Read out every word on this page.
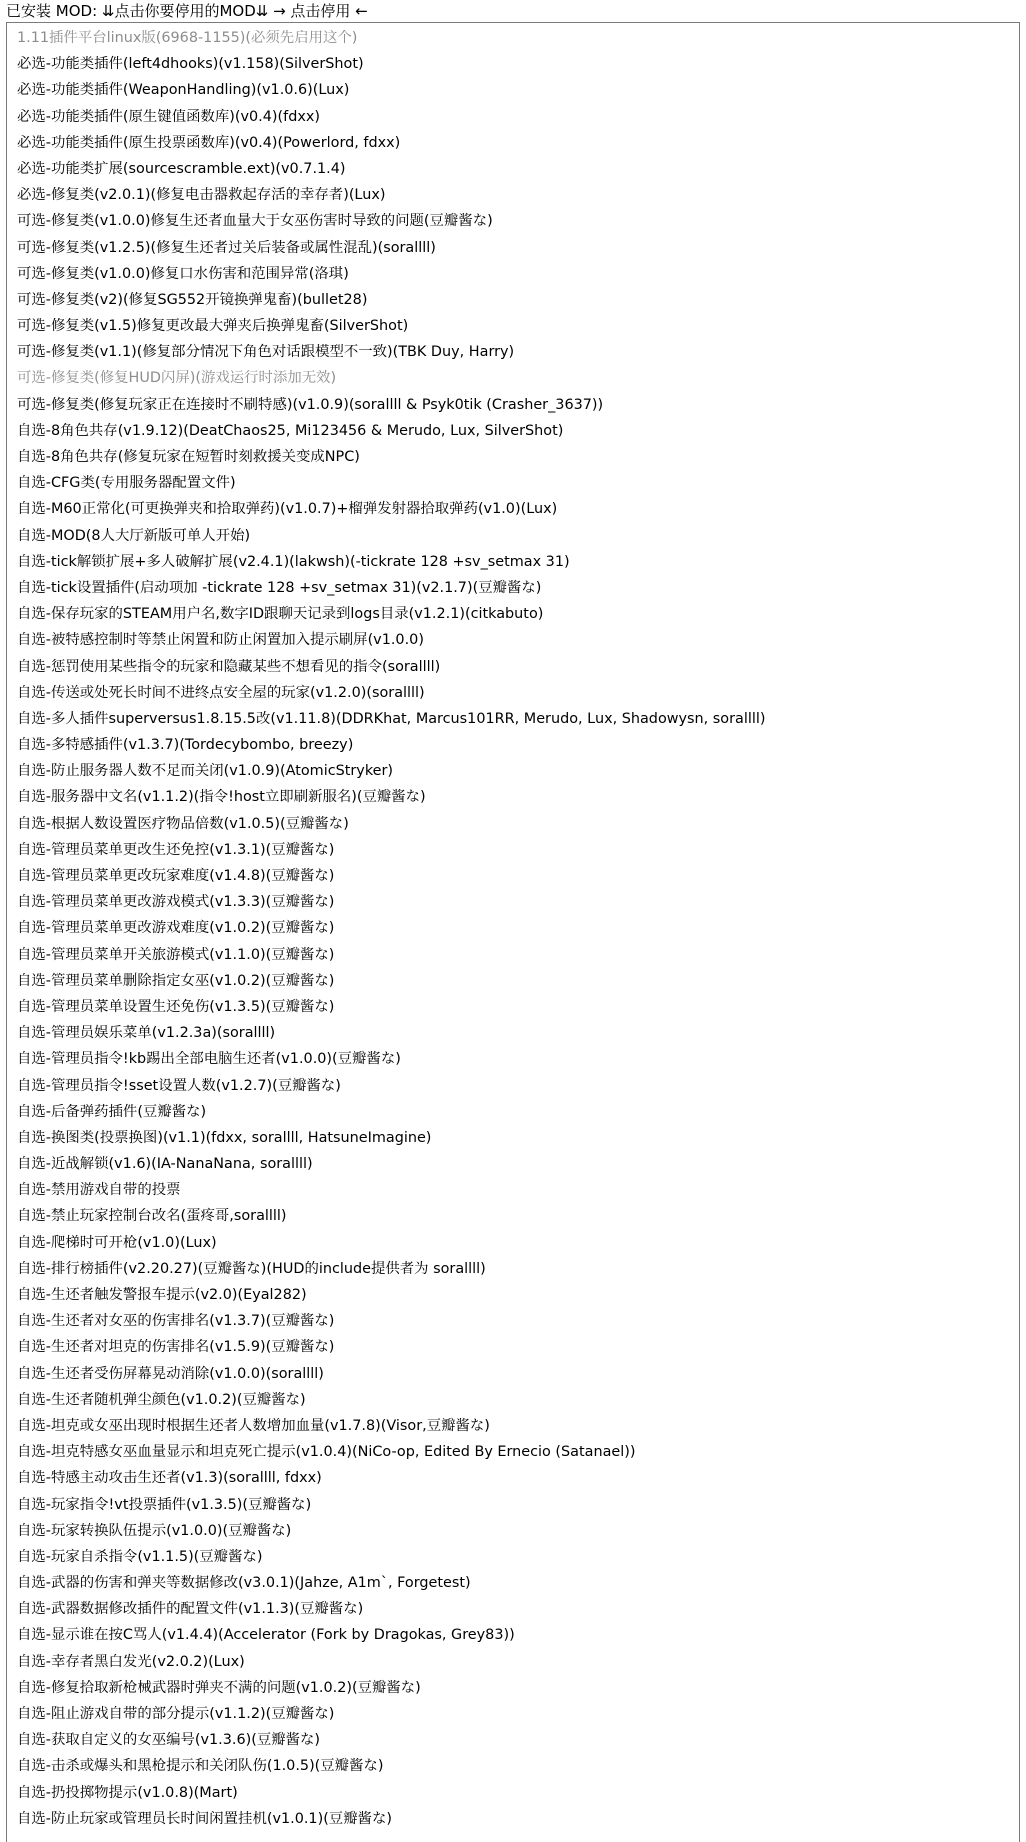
已安装 MOD: ⇊点击你要停用的MOD⇊ → 点击停用 ←
1.11插件平台linux版(6968-1155)(必须先启用这个)
必选-功能类插件(left4dhooks)(v1.158)(SilverShot)
必选-功能类插件(WeaponHandling)(v1.0.6)(Lux)
必选-功能类插件(原生键值函数库)(v0.4)(fdxx)
必选-功能类插件(原生投票函数库)(v0.4)(Powerlord, fdxx)
必选-功能类扩展(sourcescramble.ext)(v0.7.1.4)
必选-修复类(v2.0.1)(修复电击器救起存活的幸存者)(Lux)
可选-修复类(v1.0.0)修复生还者血量大于女巫伤害时导致的问题(豆瓣酱な)
可选-修复类(v1.2.5)(修复生还者过关后装备或属性混乱)(sorallll)
可选-修复类(v1.0.0)修复口水伤害和范围异常(洛琪)
可选-修复类(v2)(修复SG552开镜换弹鬼畜)(bullet28)
可选-修复类(v1.5)修复更改最大弹夹后换弹鬼畜(SilverShot)
可选-修复类(v1.1)(修复部分情况下角色对话跟模型不一致)(TBK Duy, Harry)
可选-修复类(修复HUD闪屏)(游戏运行时添加无效)
可选-修复类(修复玩家正在连接时不刷特感)(v1.0.9)(sorallll & Psyk0tik (Crasher_3637))
自选-8角色共存(v1.9.12)(DeatChaos25, Mi123456 & Merudo, Lux, SilverShot)
自选-8角色共存(修复玩家在短暂时刻救援关变成NPC)
自选-CFG类(专用服务器配置文件)
自选-M60正常化(可更换弹夹和拾取弹药)(v1.0.7)+榴弹发射器拾取弹药(v1.0)(Lux)
自选-MOD(8人大厅新版可单人开始)
自选-tick解锁扩展+多人破解扩展(v2.4.1)(lakwsh)(-tickrate 128 +sv_setmax 31)
自选-tick设置插件(启动项加 -tickrate 128 +sv_setmax 31)(v2.1.7)(豆瓣酱な)
自选-保存玩家的STEAM用户名,数字ID跟聊天记录到logs目录(v1.2.1)(citkabuto)
自选-被特感控制时等禁止闲置和防止闲置加入提示刷屏(v1.0.0)
自选-惩罚使用某些指令的玩家和隐藏某些不想看见的指令(sorallll)
自选-传送或处死长时间不进终点安全屋的玩家(v1.2.0)(sorallll)
自选-多人插件superversus1.8.15.5改(v1.11.8)(DDRKhat, Marcus101RR, Merudo, Lux, Shadowysn, sorallll)
自选-多特感插件(v1.3.7)(Tordecybombo, breezy)
自选-防止服务器人数不足而关闭(v1.0.9)(AtomicStryker)
自选-服务器中文名(v1.1.2)(指令!host立即刷新服名)(豆瓣酱な)
自选-根据人数设置医疗物品倍数(v1.0.5)(豆瓣酱な)
自选-管理员菜单更改生还免控(v1.3.1)(豆瓣酱な)
自选-管理员菜单更改玩家难度(v1.4.8)(豆瓣酱な)
自选-管理员菜单更改游戏模式(v1.3.3)(豆瓣酱な)
自选-管理员菜单更改游戏难度(v1.0.2)(豆瓣酱な)
自选-管理员菜单开关旅游模式(v1.1.0)(豆瓣酱な)
自选-管理员菜单删除指定女巫(v1.0.2)(豆瓣酱な)
自选-管理员菜单设置生还免伤(v1.3.5)(豆瓣酱な)
自选-管理员娱乐菜单(v1.2.3a)(sorallll)
自选-管理员指令!kb踢出全部电脑生还者(v1.0.0)(豆瓣酱な)
自选-管理员指令!sset设置人数(v1.2.7)(豆瓣酱な)
自选-后备弹药插件(豆瓣酱な)
自选-换图类(投票换图)(v1.1)(fdxx, sorallll, HatsuneImagine)
自选-近战解锁(v1.6)(IA-NanaNana, sorallll)
自选-禁用游戏自带的投票
自选-禁止玩家控制台改名(蛋疼哥,sorallll)
自选-爬梯时可开枪(v1.0)(Lux)
自选-排行榜插件(v2.20.27)(豆瓣酱な)(HUD的include提供者为 sorallll)
自选-生还者触发警报车提示(v2.0)(Eyal282)
自选-生还者对女巫的伤害排名(v1.3.7)(豆瓣酱な)
自选-生还者对坦克的伤害排名(v1.5.9)(豆瓣酱な)
自选-生还者受伤屏幕晃动消除(v1.0.0)(sorallll)
自选-生还者随机弹尘颜色(v1.0.2)(豆瓣酱な)
自选-坦克或女巫出现时根据生还者人数增加血量(v1.7.8)(Visor,豆瓣酱な)
自选-坦克特感女巫血量显示和坦克死亡提示(v1.0.4)(NiCo-op, Edited By Ernecio (Satanael))
自选-特感主动攻击生还者(v1.3)(sorallll, fdxx)
自选-玩家指令!vt投票插件(v1.3.5)(豆瓣酱な)
自选-玩家转换队伍提示(v1.0.0)(豆瓣酱な)
自选-玩家自杀指令(v1.1.5)(豆瓣酱な)
自选-武器的伤害和弹夹等数据修改(v3.0.1)(Jahze, A1m`, Forgetest)
自选-武器数据修改插件的配置文件(v1.1.3)(豆瓣酱な)
自选-显示谁在按C骂人(v1.4.4)(Accelerator (Fork by Dragokas, Grey83))
自选-幸存者黑白发光(v2.0.2)(Lux)
自选-修复拾取新枪械武器时弹夹不满的问题(v1.0.2)(豆瓣酱な)
自选-阻止游戏自带的部分提示(v1.1.2)(豆瓣酱な)
自选-获取自定义的女巫编号(v1.3.6)(豆瓣酱な)
自选-击杀或爆头和黑枪提示和关闭队伤(1.0.5)(豆瓣酱な)
自选-扔投掷物提示(v1.0.8)(Mart)
自选-防止玩家或管理员长时间闲置挂机(v1.0.1)(豆瓣酱な)
